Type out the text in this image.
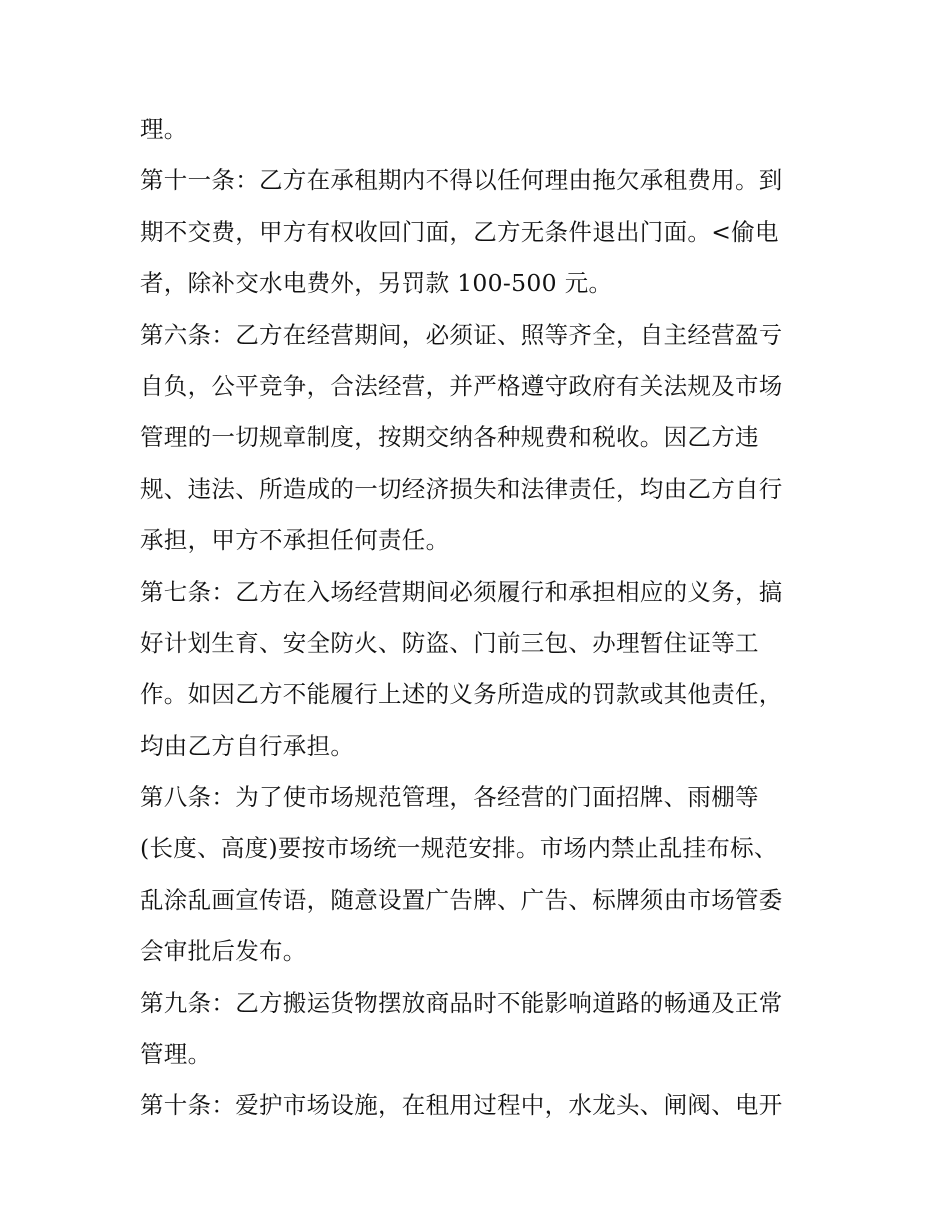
理。
第十一条：乙方在承租期内不得以任何理由拖欠承租费用。到
期不交费，甲方有权收回门面，乙方无条件退出门面。<偷电
者，除补交水电费外，另罚款 100-500 元。
第六条：乙方在经营期间，必须证、照等齐全，自主经营盈亏
自负，公平竞争，合法经营，并严格遵守政府有关法规及市场
管理的一切规章制度，按期交纳各种规费和税收。因乙方违
规、违法、所造成的一切经济损失和法律责任，均由乙方自行
承担，甲方不承担任何责任。
第七条：乙方在入场经营期间必须履行和承担相应的义务，搞
好计划生育、安全防火、防盗、门前三包、办理暂住证等工
作。如因乙方不能履行上述的义务所造成的罚款或其他责任，
均由乙方自行承担。
第八条：为了使市场规范管理，各经营的门面招牌、雨棚等
(长度、高度)要按市场统一规范安排。市场内禁止乱挂布标、
乱涂乱画宣传语，随意设置广告牌、广告、标牌须由市场管委
会审批后发布。
第九条：乙方搬运货物摆放商品时不能影响道路的畅通及正常
管理。
第十条：爱护市场设施，在租用过程中，水龙头、闸阀、电开
